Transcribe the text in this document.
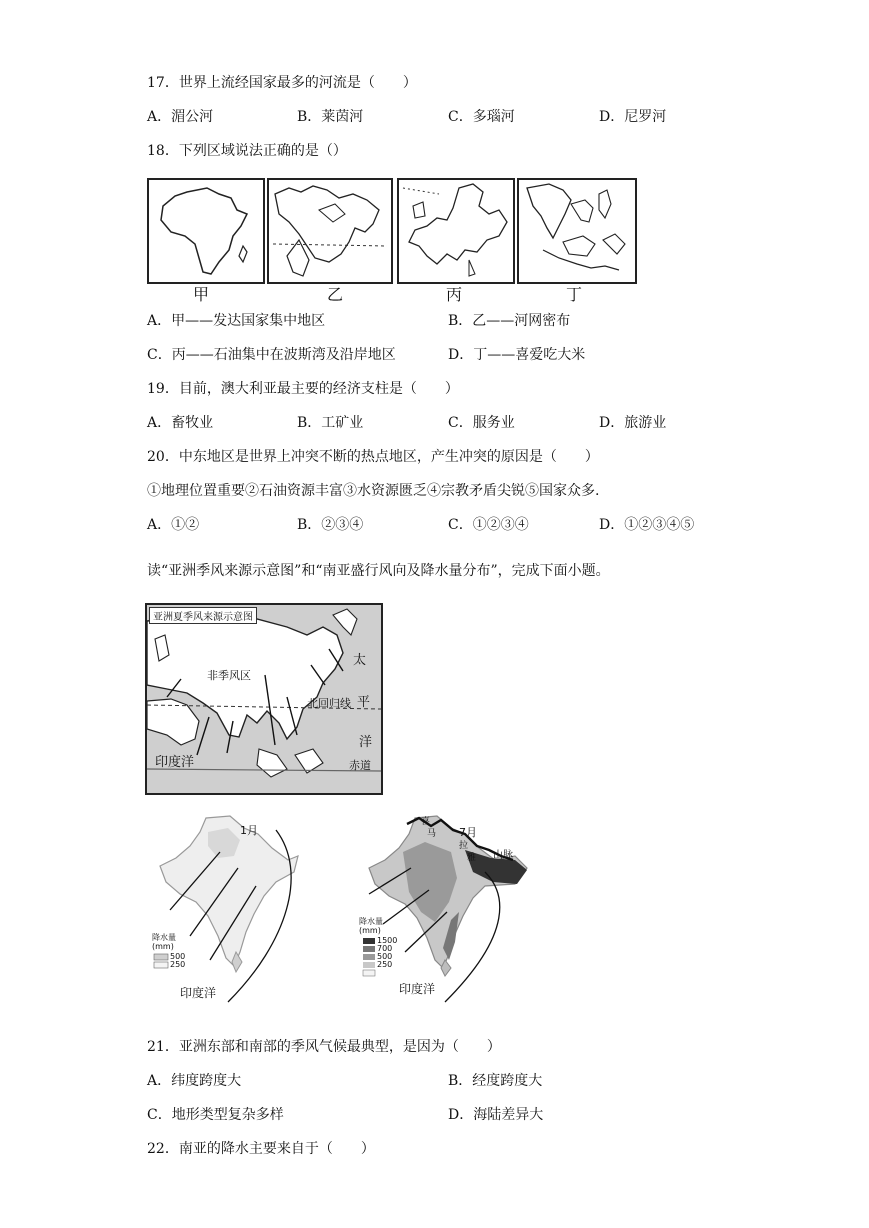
17．世界上流经国家最多的河流是（　　）
A．湄公河	B．莱茵河	C．多瑙河	D．尼罗河
18．下列区域说法正确的是（）
甲	乙	丙	丁
A．甲——发达国家集中地区	B．乙——河网密布
C．丙——石油集中在波斯湾及沿岸地区	D．丁——喜爱吃大米
19．目前，澳大利亚最主要的经济支柱是（　　）
A．畜牧业	B．工矿业	C．服务业	D．旅游业
20．中东地区是世界上冲突不断的热点地区，产生冲突的原因是（　　）
①地理位置重要②石油资源丰富③水资源匮乏④宗教矛盾尖锐⑤国家众多.
A．①②	B．②③④	C．①②③④	D．①②③④⑤
读“亚洲季风来源示意图”和“南亚盛行风向及降水量分布”，完成下面小题。
亚洲夏季风来源示意图
非季风区
北回归线
太
平
洋
印度洋	赤道
1月
降水量
(mm)
500
250
印度洋
喜
马 7月
拉
雅 山脉
降水量
(mm)
1500
700
500
250
印度洋
21．亚洲东部和南部的季风气候最典型，是因为（　　）
A．纬度跨度大	B．经度跨度大
C．地形类型复杂多样	D．海陆差异大
22．南亚的降水主要来自于（　　）
